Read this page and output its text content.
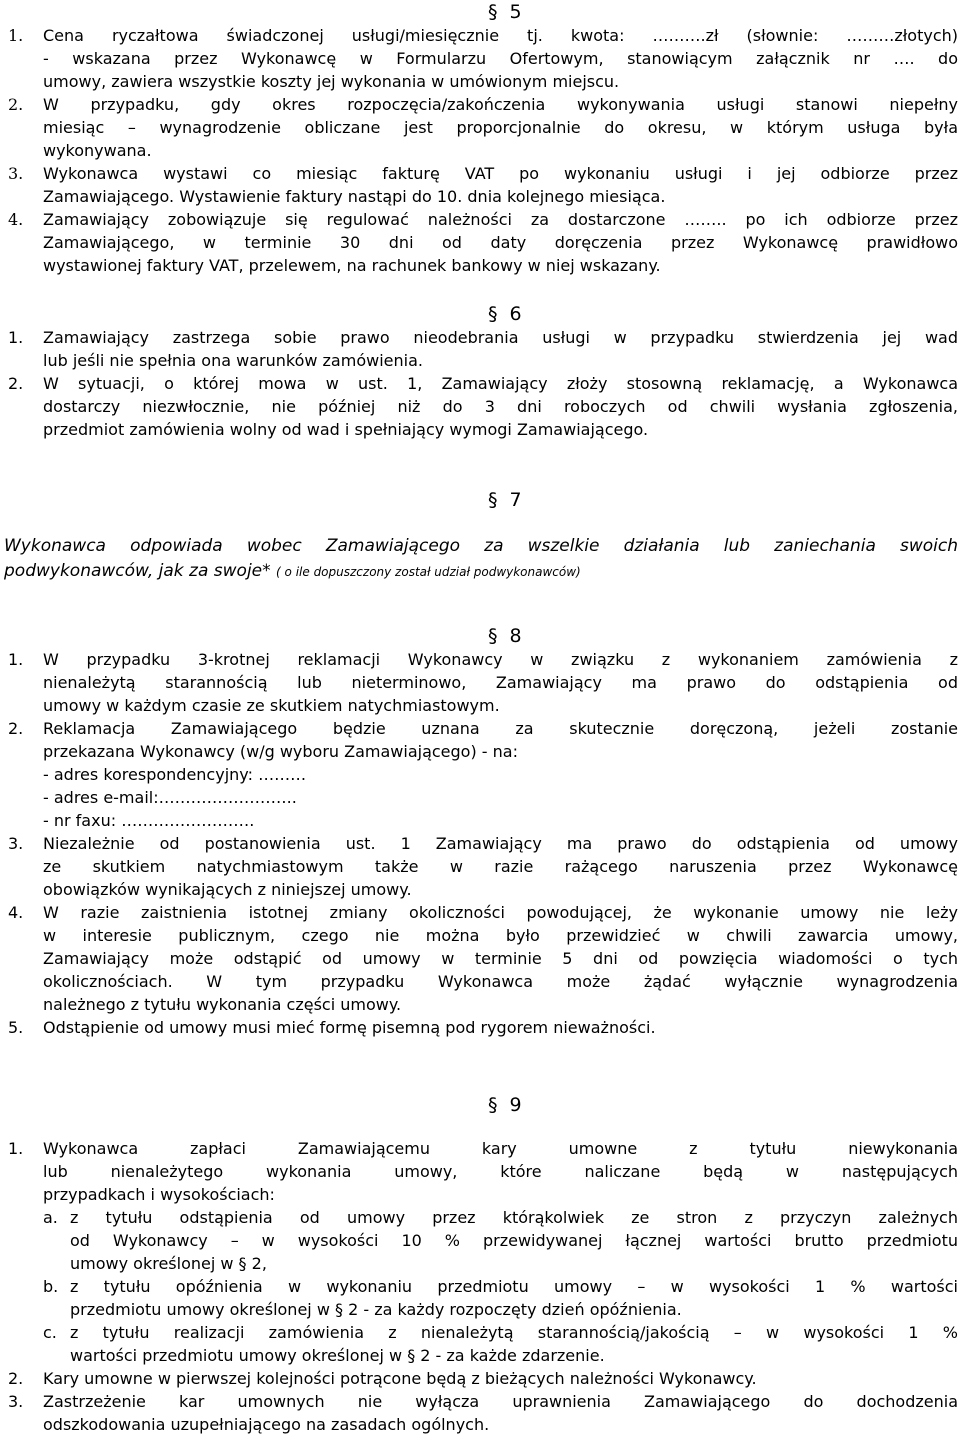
§ 5
1. Cena ryczałtowa świadczonej usługi/miesięcznie tj. kwota: ……….zł (słownie: ………złotych)
- wskazana przez Wykonawcę w Formularzu Ofertowym, stanowiącym załącznik nr …. do
umowy, zawiera wszystkie koszty jej wykonania w umówionym miejscu.
2. W przypadku, gdy okres rozpoczęcia/zakończenia wykonywania usługi stanowi niepełny
miesiąc – wynagrodzenie obliczane jest proporcjonalnie do okresu, w którym usługa była
wykonywana.
3. Wykonawca wystawi co miesiąc fakturę VAT po wykonaniu usługi i jej odbiorze przez
Zamawiającego. Wystawienie faktury nastąpi do 10. dnia kolejnego miesiąca.
4. Zamawiający zobowiązuje się regulować należności za dostarczone …….. po ich odbiorze przez
Zamawiającego, w terminie 30 dni od daty doręczenia przez Wykonawcę prawidłowo
wystawionej faktury VAT, przelewem, na rachunek bankowy w niej wskazany.
§ 6
1. Zamawiający zastrzega sobie prawo nieodebrania usługi w przypadku stwierdzenia jej wad
lub jeśli nie spełnia ona warunków zamówienia.
2. W sytuacji, o której mowa w ust. 1, Zamawiający złoży stosowną reklamację, a Wykonawca
dostarczy niezwłocznie, nie później niż do 3 dni roboczych od chwili wysłania zgłoszenia,
przedmiot zamówienia wolny od wad i spełniający wymogi Zamawiającego.
§ 7
Wykonawca odpowiada wobec Zamawiającego za wszelkie działania lub zaniechania swoich
podwykonawców, jak za swoje* ( o ile dopuszczony został udział podwykonawców)
§ 8
1. W przypadku 3-krotnej reklamacji Wykonawcy w związku z wykonaniem zamówienia z
nienależytą starannością lub nieterminowo, Zamawiający ma prawo do odstąpienia od
umowy w każdym czasie ze skutkiem natychmiastowym.
2. Reklamacja Zamawiającego będzie uznana za skutecznie doręczoną, jeżeli zostanie
przekazana Wykonawcy (w/g wyboru Zamawiającego) - na:
- adres korespondencyjny: ………
- adres e-mail:……………………..
- nr faxu: …………………….
3. Niezależnie od postanowienia ust. 1 Zamawiający ma prawo do odstąpienia od umowy
ze skutkiem natychmiastowym także w razie rażącego naruszenia przez Wykonawcę
obowiązków wynikających z niniejszej umowy.
4. W razie zaistnienia istotnej zmiany okoliczności powodującej, że wykonanie umowy nie leży
w interesie publicznym, czego nie można było przewidzieć w chwili zawarcia umowy,
Zamawiający może odstąpić od umowy w terminie 5 dni od powzięcia wiadomości o tych
okolicznościach. W tym przypadku Wykonawca może żądać wyłącznie wynagrodzenia
należnego z tytułu wykonania części umowy.
5. Odstąpienie od umowy musi mieć formę pisemną pod rygorem nieważności.
§ 9
1. Wykonawca zapłaci Zamawiającemu kary umowne z tytułu niewykonania
lub nienależytego wykonania umowy, które naliczane będą w następujących
przypadkach i wysokościach:
a. z tytułu odstąpienia od umowy przez którąkolwiek ze stron z przyczyn zależnych
od Wykonawcy – w wysokości 10 % przewidywanej łącznej wartości brutto przedmiotu
umowy określonej w § 2,
b. z tytułu opóźnienia w wykonaniu przedmiotu umowy – w wysokości 1 % wartości
przedmiotu umowy określonej w § 2 - za każdy rozpoczęty dzień opóźnienia.
c. z tytułu realizacji zamówienia z nienależytą starannością/jakością – w wysokości 1 %
wartości przedmiotu umowy określonej w § 2 - za każde zdarzenie.
2. Kary umowne w pierwszej kolejności potrącone będą z bieżących należności Wykonawcy.
3. Zastrzeżenie kar umownych nie wyłącza uprawnienia Zamawiającego do dochodzenia
odszkodowania uzupełniającego na zasadach ogólnych.
